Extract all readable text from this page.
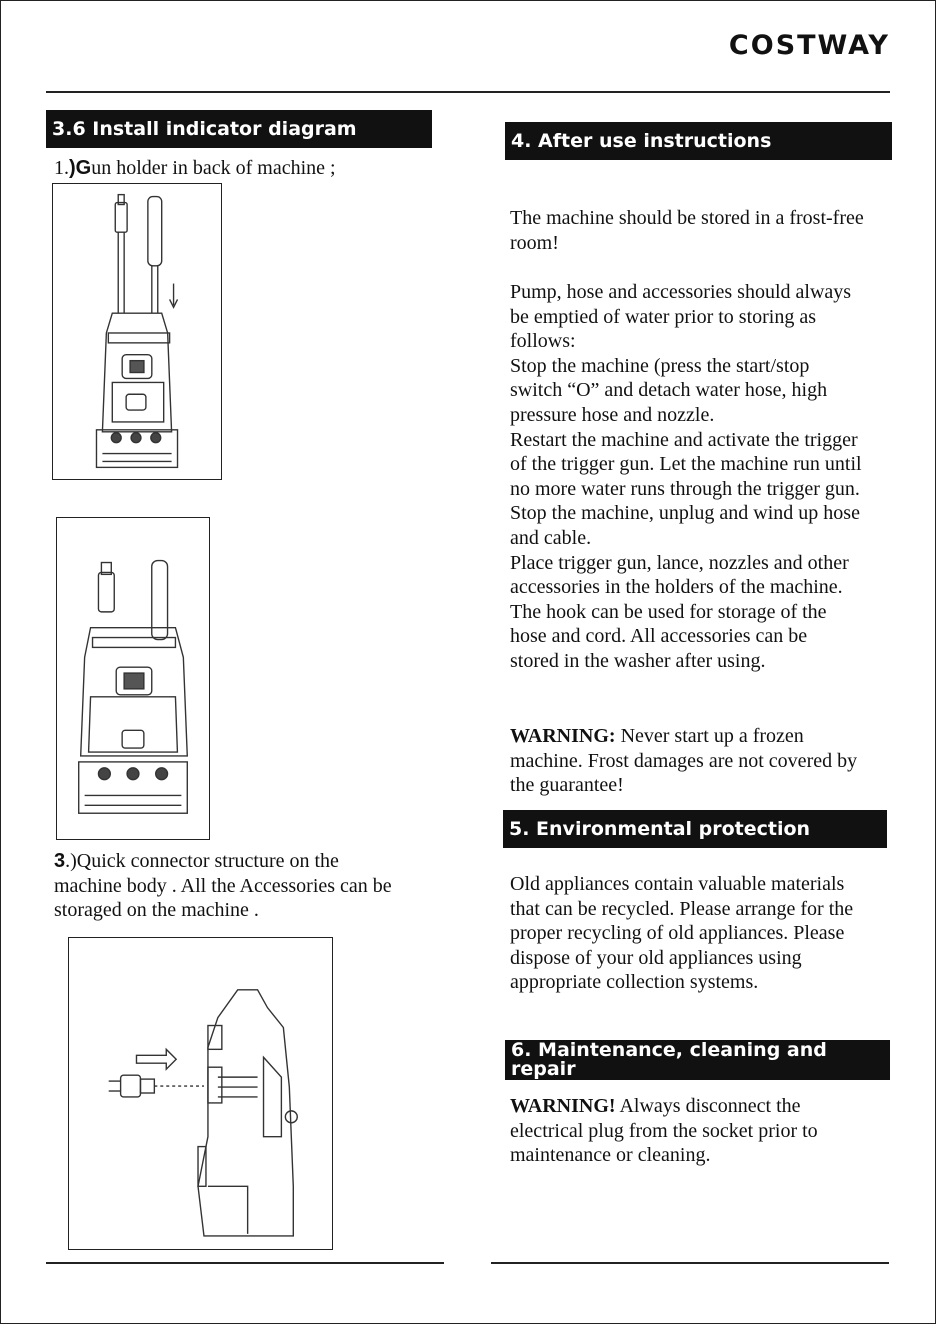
COSTWAY
3.6 Install indicator diagram
1.)Gun holder in back of machine ;

3.)Quick connector structure on the

machine body . All the Accessories can be

storaged on the machine .

4. After use instructions
The machine should be stored in a frost-free room!

Pump, hose and accessories should always

be emptied of water prior to storing as

follows:

Stop the machine (press the start/stop

switch “O” and detach water hose, high

pressure hose and nozzle.

Restart the machine and activate the trigger

of the trigger gun. Let the machine run until

no more water runs through the trigger gun.

Stop the machine, unplug and wind up hose

and cable.

Place trigger gun, lance, nozzles and other

accessories in the holders of the machine.

The hook can be used for storage of the

hose and cord. All accessories can be

stored in the washer after using.

WARNING: Never start up a frozen

machine. Frost damages are not covered by

the guarantee!

5. Environmental protection

Old appliances contain valuable materials

that can be recycled. Please arrange for the

proper recycling of old appliances. Please

dispose of your old appliances using

appropriate collection systems.

6. Maintenance, cleaning and repair

WARNING! Always disconnect the

electrical plug from the socket prior to

maintenance or cleaning.
